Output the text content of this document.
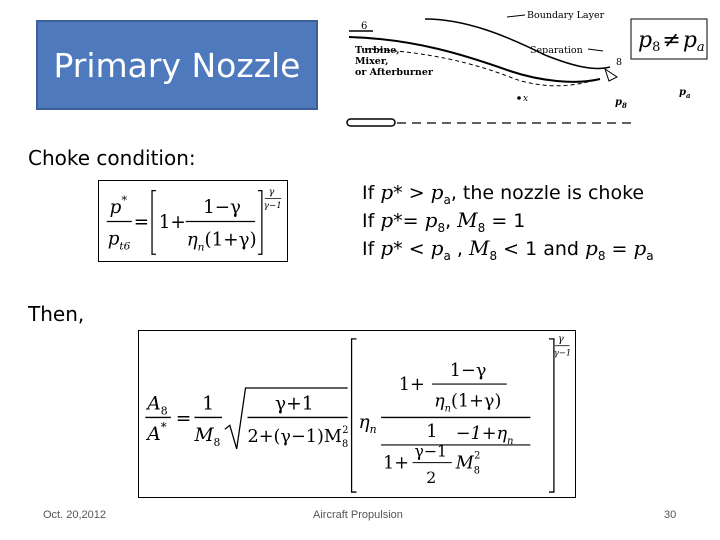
Primary Nozzle
6
Boundary Layer
Turbine,
Mixer,
or Afterburner
Separation
8
x	$p_8$
$p_a$
p8≠pa
Choke condition:
p*
$p_{t6}$
= 1+
1−γ
$\eta_n(1+\gamma)$
γ
γ−1
If $p* > p_a$, the nozzle is choke
If $p*= p_8$, $M_8 = 1$
If $p* < p_a$ , $M_8 < 1$ and $p_8 = p_a$
Then,
$A_8$
A* =
1
$M_8$
γ+1
$2+(\gamma-1)M_82$ $\eta_n$
1+
1−γ
$\eta_n(1+\gamma)$
1
1+
γ−1
2
$M_82$
$-1+\eta_n$
γ
γ−1
Oct. 20,2012	Aircraft Propulsion	30
